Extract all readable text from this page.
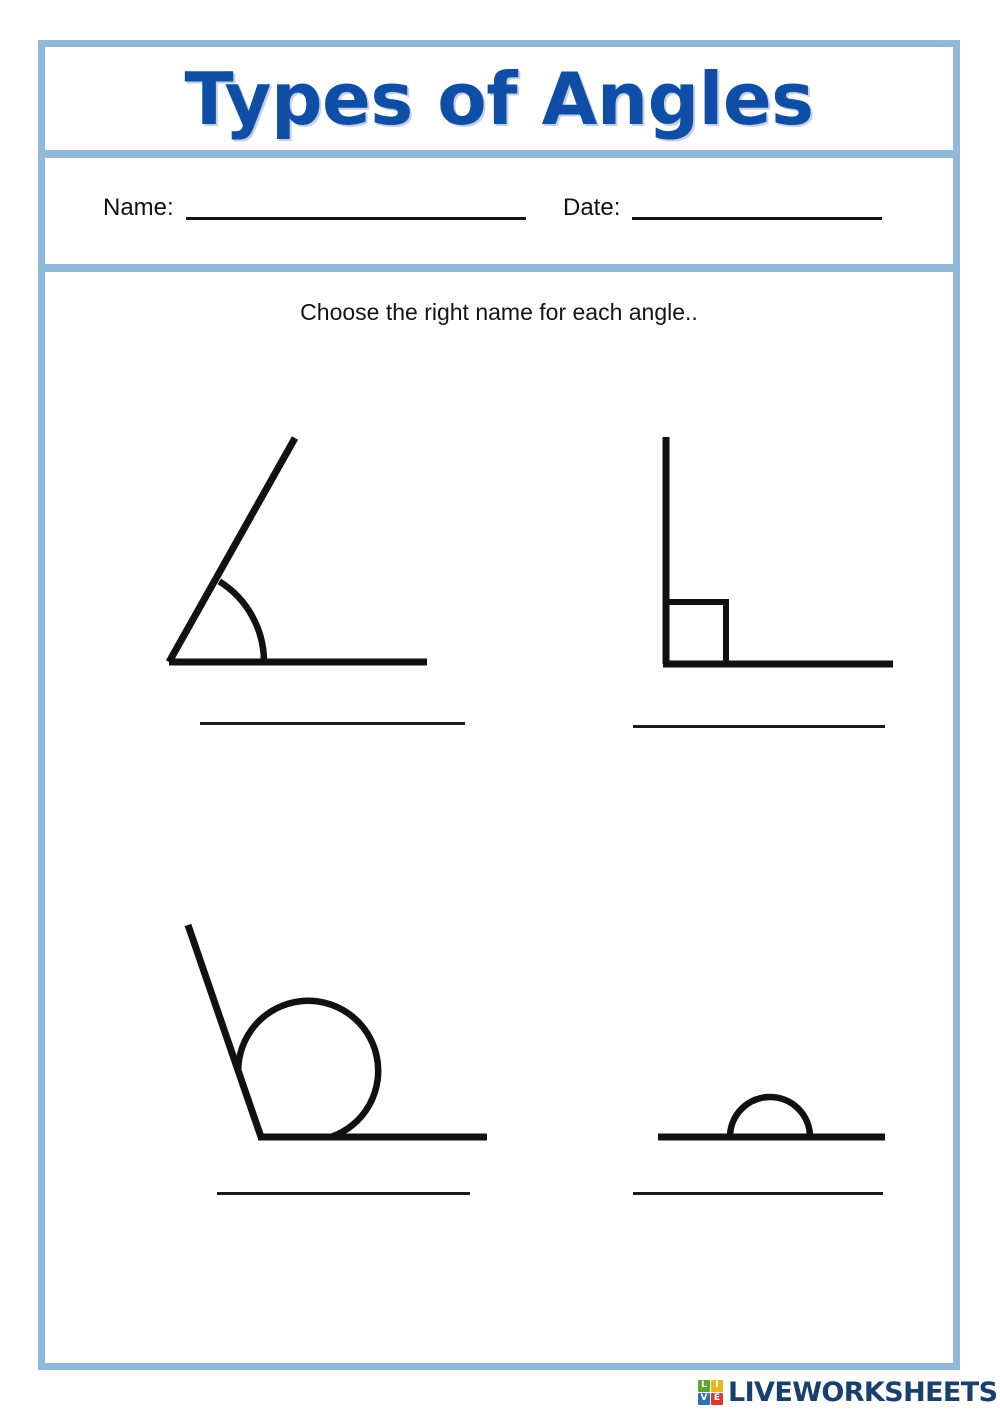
Types of Angles
Name:	Date:
Choose the right name for each angle..
L I
V E LIVEWORKSHEETS
